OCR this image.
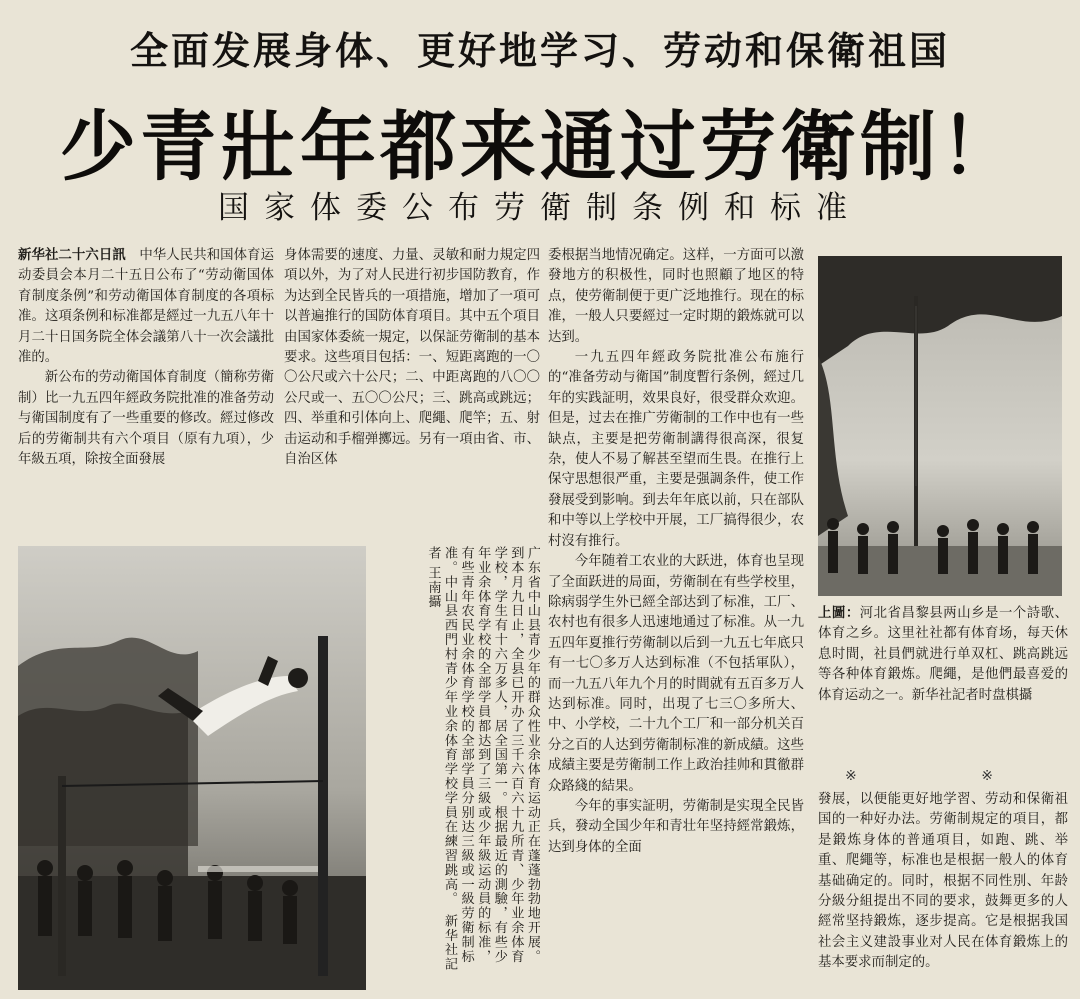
全面发展身体、更好地学习、劳动和保衛祖国
少青壯年都来通过劳衛制！
国家体委公布劳衛制条例和标准

新华社二十六日訊　 中华人民共和国体育运动委員会本月二十五日公布了“劳动衛国体育制度条例”和劳动衛国体育制度的各項标准。这項条例和标准都是經过一九五八年十月二十日国务院全体会議第八十一次会議批准的。

新公布的劳动衛国体育制度（簡称劳衛制）比一九五四年經政务院批准的准备劳动与衛国制度有了一些重要的修改。經过修改后的劳衛制共有六个項目（原有九項），少年級五項，除按全面發展

身体需要的速度、力量、灵敏和耐力規定四項以外，为了对人民进行初步国防教育，作为达到全民皆兵的一項措施，增加了一項可以普遍推行的国防体育項目。其中五个項目由国家体委統一規定，以保証劳衛制的基本要求。这些項目包括：一、短距离跑的一〇〇公尺或六十公尺；二、中距离跑的八〇〇公尺或一、五〇〇公尺；三、跳高或跳远；四、举重和引体向上、爬繩、爬竿；五、射击运动和手榴弹擲远。另有一項由省、市、自治区体

委根据当地情况确定。这样，一方面可以激發地方的积极性，同时也照顧了地区的特点，使劳衛制便于更广泛地推行。现在的标准，一般人只要經过一定时期的鍛炼就可以达到。

一九五四年經政务院批准公布施行的“准备劳动与衛国”制度暫行条例，經过几年的实践証明，效果良好，很受群众欢迎。但是，过去在推广劳衛制的工作中也有一些缺点，主要是把劳衛制講得很高深，很复杂，使人不易了解甚至望而生畏。在推行上保守思想很严重，主要是强調条件，使工作發展受到影响。到去年年底以前，只在部队和中等以上学校中开展，工厂搞得很少，农村沒有推行。

今年随着工农业的大跃进，体育也呈现了全面跃进的局面，劳衛制在有些学校里，除病弱学生外已經全部达到了标准，工厂、农村也有很多人迅速地通过了标准。从一九五四年夏推行劳衛制以后到一九五七年底只有一七〇多万人达到标准（不包括軍队），而一九五八年九个月的时間就有五百多万人达到标准。同时，出現了七三〇多所大、中、小学校，二十九个工厂和一部分机关百分之百的人达到劳衛制标准的新成績。这些成績主要是劳衛制工作上政治挂帅和貫徹群众路綫的結果。

今年的事实証明，劳衛制是实現全民皆兵，發动全国少年和青壮年坚持經常鍛炼，达到身体的全面

广东省中山县青少年的群众性业余体育运动正在蓬蓬勃勃地开展。到本月九日止，全县已开办了三千六百六十九所青、少年业余体育学校，学生有十六万多人，居全国第一。根据最近的測驗，有些少年业余体育学校的全部学員都达到了三級或少年級运动員的标准，有些青年农民业余体育学校的全部学員分别达三級或一級劳衛制标准。中山县西門村青少年业余体育学校学員在練習跳高。　新华社記者 王南攝

上圖：河北省昌黎县两山乡是一个詩歌、体育之乡。这里社社都有体育场，每天休息时間，社員們就进行单双杠、跳高跳远等各种体育鍛炼。爬繩，是他們最喜爱的体育运动之一。新华社記者时盘棋攝
※ ※

發展，以便能更好地学習、劳动和保衛祖国的一种好办法。劳衛制規定的項目，都是鍛炼身体的普通項目，如跑、跳、举重、爬繩等，标准也是根据一般人的体育基础确定的。同时，根据不同性別、年龄分級分組提出不同的要求，鼓舞更多的人經常坚持鍛炼，逐步提高。它是根据我国社会主义建設事业对人民在体育鍛炼上的基本要求而制定的。
